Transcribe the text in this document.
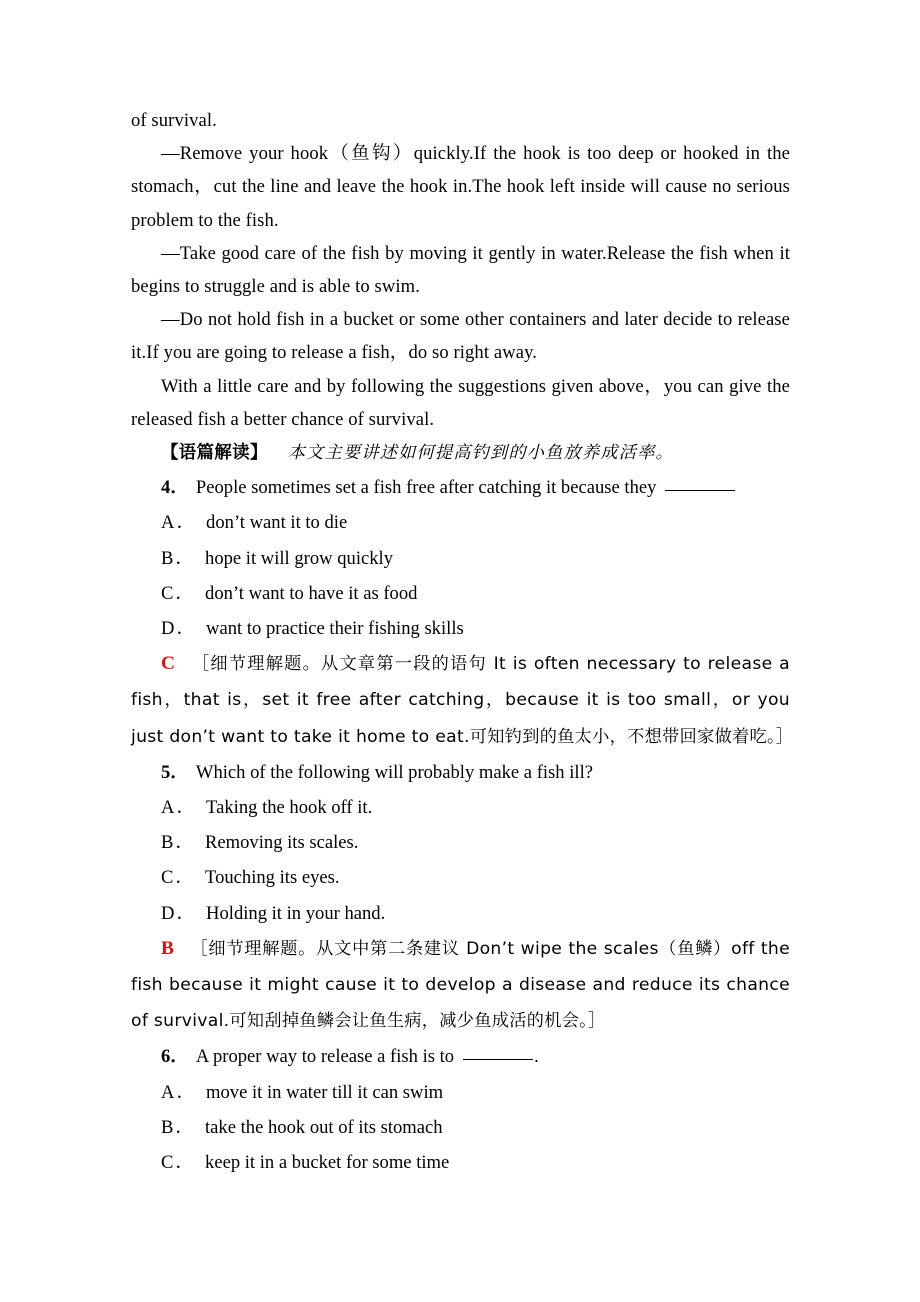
of survival.

—Remove your hook（鱼钩）quickly.If the hook is too deep or hooked in the stomach，cut the line and leave the hook in.The hook left inside will cause no serious problem to the fish.

—Take good care of the fish by moving it gently in water.Release the fish when it begins to struggle and is able to swim.

—Do not hold fish in a bucket or some other containers and later decide to release it.If you are going to release a fish，do so right away.

With a little care and by following the suggestions given above，you can give the released fish a better chance of survival.

【语篇解读】 本文主要讲述如何提高钓到的小鱼放养成活率。

4． People sometimes set a fish free after catching it because they

A． don’t want it to die

B． hope it will grow quickly

C． don’t want to have it as food

D． want to practice their fishing skills

C ［细节理解题。从文章第一段的语句 It is often necessary to release a fish，that is，set it free after catching，because it is too small，or you just don’t want to take it home to eat.可知钓到的鱼太小，不想带回家做着吃。］

5． Which of the following will probably make a fish ill?

A． Taking the hook off it.

B． Removing its scales.

C． Touching its eyes.

D． Holding it in your hand.

B ［细节理解题。从文中第二条建议 Don’t wipe the scales（鱼鳞）off the fish because it might cause it to develop a disease and reduce its chance of survival.可知刮掉鱼鳞会让鱼生病，减少鱼成活的机会。］

6． A proper way to release a fish is to	.

A． move it in water till it can swim

B． take the hook out of its stomach

C． keep it in a bucket for some time
